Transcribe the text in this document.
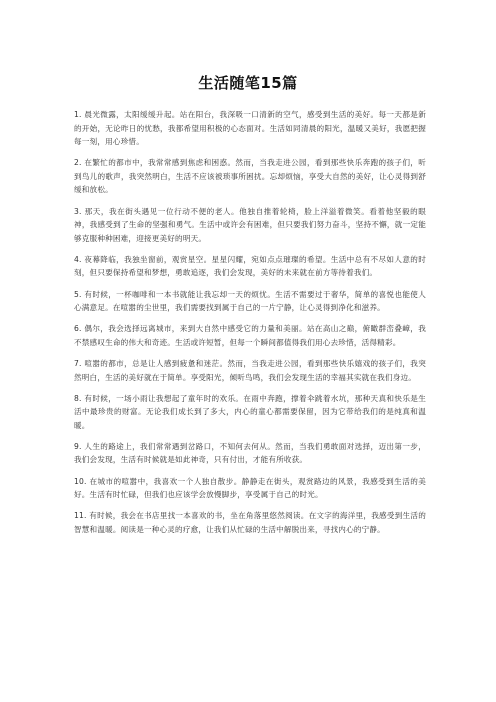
生活随笔15篇

1. 晨光微露，太阳缓缓升起。站在阳台，我深吸一口清新的空气，感受到生活的美好。每一天都是新的开始，无论昨日的忧愁，我都希望用积极的心态面对。生活如同清晨的阳光，温暖又美好，我愿把握每一刻，用心珍惜。

2. 在繁忙的都市中，我常常感到焦虑和困惑。然而，当我走进公园，看到那些快乐奔跑的孩子们，听到鸟儿的歌声，我突然明白，生活不应该被琐事所困扰。忘却烦恼，享受大自然的美好，让心灵得到舒缓和放松。

3. 那天，我在街头遇见一位行动不便的老人。他独自推着轮椅，脸上洋溢着微笑。看着他坚毅的眼神，我感受到了生命的坚强和勇气。生活中或许会有困难，但只要我们努力奋斗，坚持不懈，就一定能够克服种种困难，迎接更美好的明天。

4. 夜幕降临，我独坐窗前，观赏星空。星星闪耀，宛如点点璀璨的希望。生活中总有不尽如人意的时刻，但只要保持希望和梦想，勇敢追逐，我们会发现，美好的未来就在前方等待着我们。

5. 有时候，一杯咖啡和一本书就能让我忘却一天的烦忧。生活不需要过于奢华，简单的喜悦也能使人心满意足。在喧嚣的尘世里，我们需要找到属于自己的一片宁静，让心灵得到净化和滋养。

6. 偶尔，我会选择远离城市，来到大自然中感受它的力量和美丽。站在高山之巅，俯瞰群峦叠嶂，我不禁感叹生命的伟大和奇迹。生活或许短暂，但每一个瞬间都值得我们用心去珍惜，活得精彩。

7. 喧嚣的都市，总是让人感到疲惫和迷茫。然而，当我走进公园，看到那些快乐嬉戏的孩子们，我突然明白，生活的美好就在于简单。享受阳光，倾听鸟鸣，我们会发现生活的幸福其实就在我们身边。

8. 有时候，一场小雨让我想起了童年时的欢乐。在雨中奔跑，撑着伞跳着水坑，那种天真和快乐是生活中最珍贵的财富。无论我们成长到了多大，内心的童心都需要保留，因为它带给我们的是纯真和温暖。

9. 人生的路途上，我们常常遇到岔路口，不知何去何从。然而，当我们勇敢面对选择，迈出第一步，我们会发现，生活有时候就是如此神奇，只有付出，才能有所收获。

10. 在城市的喧嚣中，我喜欢一个人独自散步。静静走在街头，观赏路边的风景，我感受到生活的美好。生活有时忙碌，但我们也应该学会放慢脚步，享受属于自己的时光。

11. 有时候，我会在书店里找一本喜欢的书，坐在角落里悠然阅读。在文字的海洋里，我感受到生活的智慧和温暖。阅读是一种心灵的疗愈，让我们从忙碌的生活中解脱出来，寻找内心的宁静。
